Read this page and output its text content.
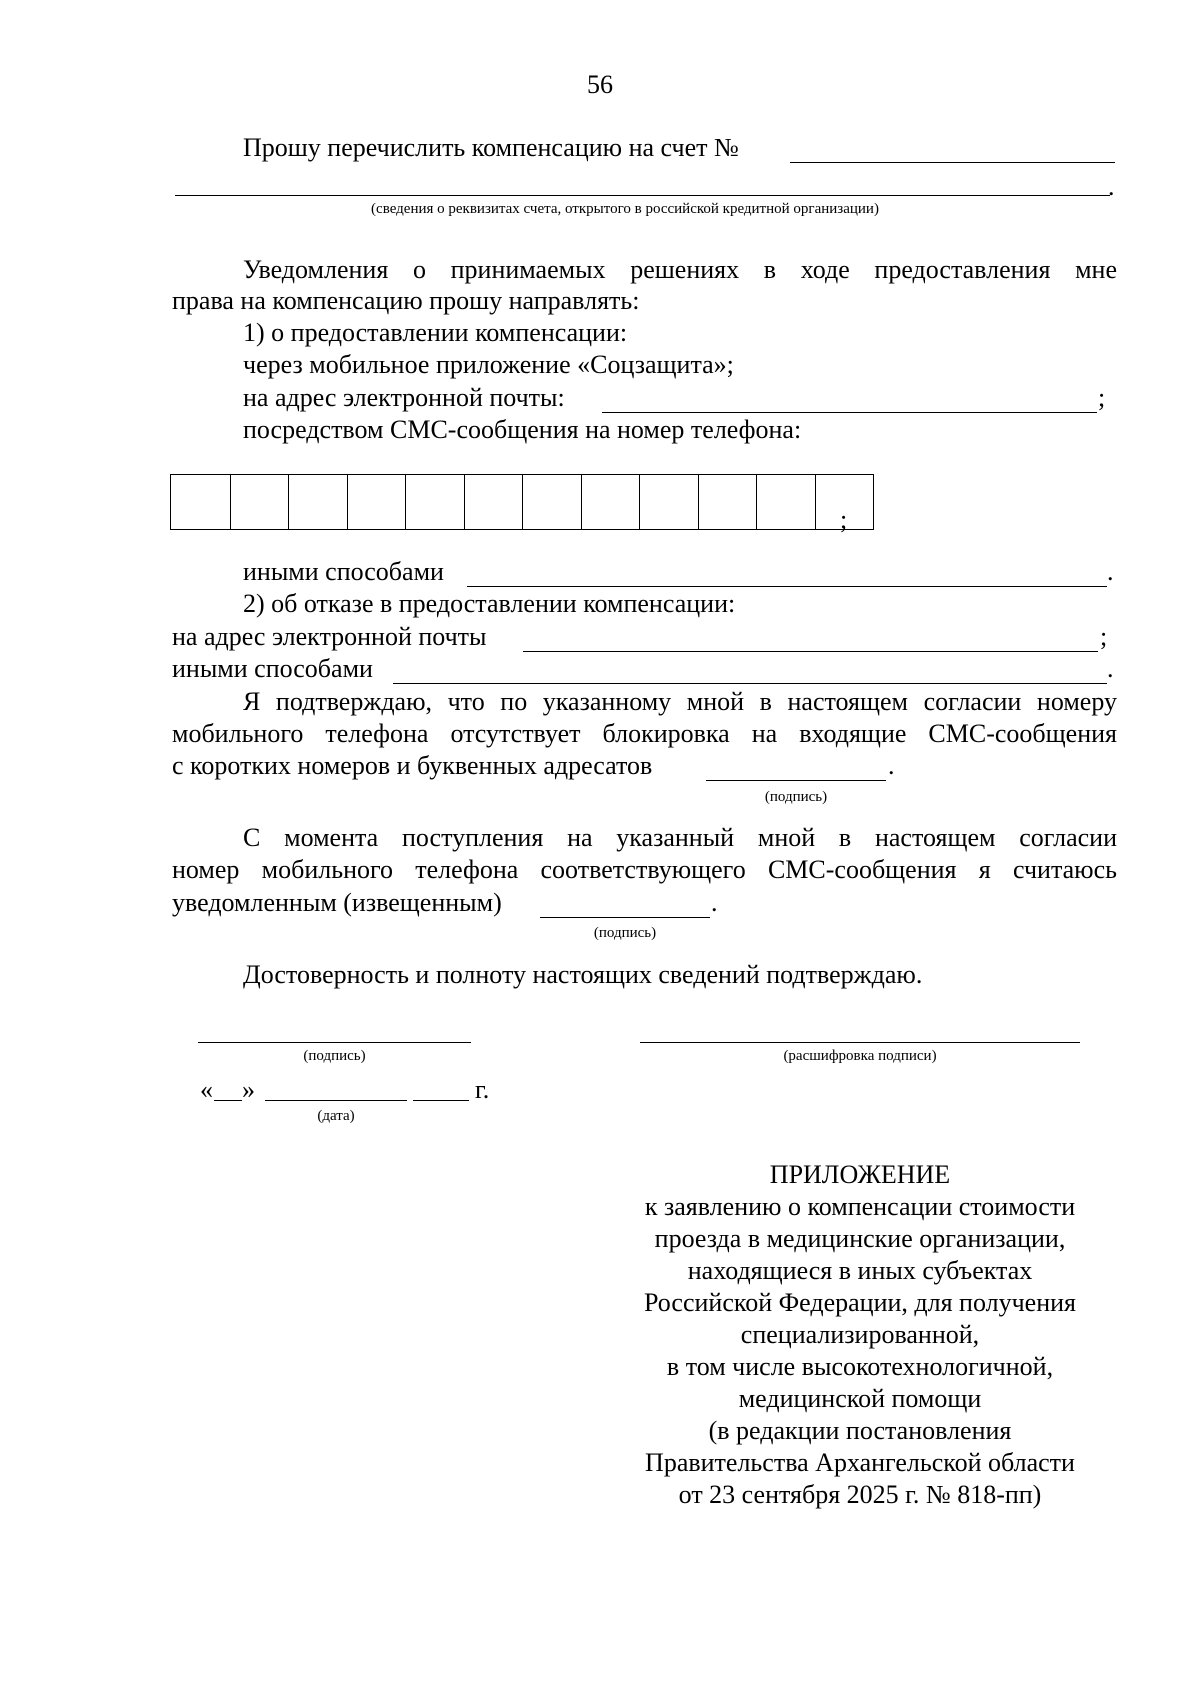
56
Прошу перечислить компенсацию на счет №
.
(сведения о реквизитах счета, открытого в российской кредитной организации)
Уведомления о принимаемых решениях в ходе предоставления мне
права на компенсацию прошу направлять:
1) о предоставлении компенсации:
через мобильное приложение «Соцзащита»;
на адрес электронной почты:	;
посредством СМС-сообщения на номер телефона:
;
иными способами	.
2) об отказе в предоставлении компенсации:
на адрес электронной почты	;
иными способами	.
Я подтверждаю, что по указанному мной в настоящем согласии номеру
мобильного телефона отсутствует блокировка на входящие СМС-сообщения
с коротких номеров и буквенных адресатов	.
(подпись)
С момента поступления на указанный мной в настоящем согласии
номер мобильного телефона соответствующего СМС-сообщения я считаюсь
уведомленным (извещенным)	.
(подпись)
Достоверность и полноту настоящих сведений подтверждаю.
(подпись)	(расшифровка подписи)
« »	г.
(дата)
ПРИЛОЖЕНИЕ
к заявлению о компенсации стоимости
проезда в медицинские организации,
находящиеся в иных субъектах
Российской Федерации, для получения
специализированной,
в том числе высокотехнологичной,
медицинской помощи
(в редакции постановления
Правительства Архангельской области
от 23 сентября 2025 г. № 818-пп)
